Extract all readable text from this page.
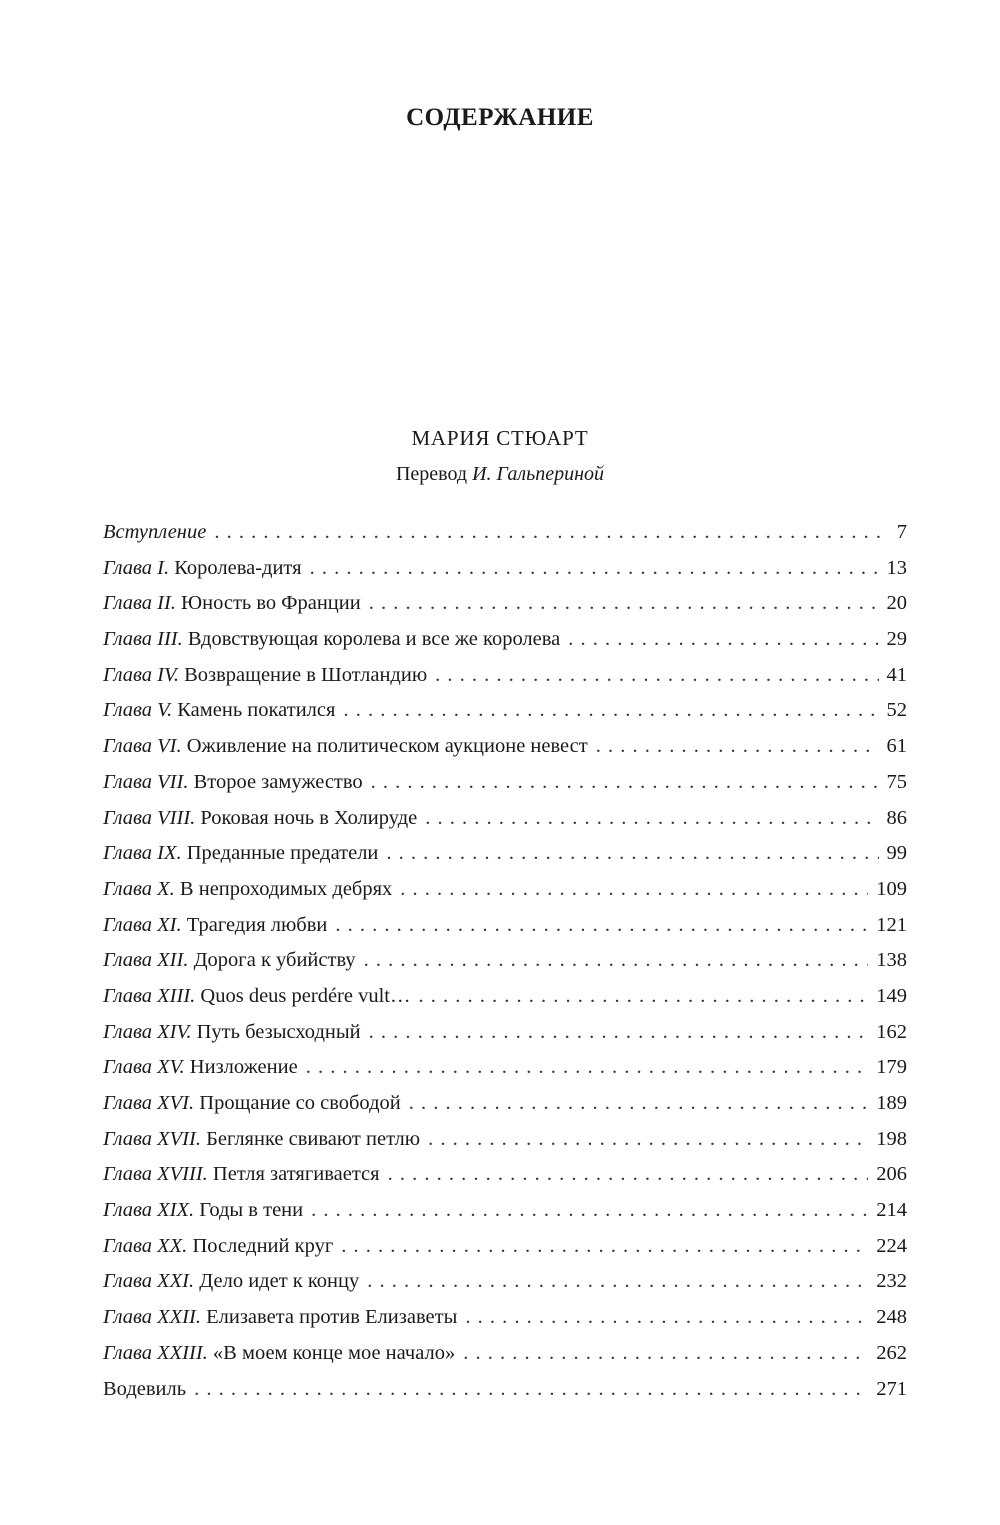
СОДЕРЖАНИЕ
МАРИЯ СТЮАРТ
Перевод И. Гальпериной
Вступление . . .	7
Глава I. Королева-дитя . . .	13
Глава II. Юность во Франции . . .	20
Глава III. Вдовствующая королева и все же королева . . .	29
Глава IV. Возвращение в Шотландию . . .	41
Глава V. Камень покатился . . .	52
Глава VI. Оживление на политическом аукционе невест . . .	61
Глава VII. Второе замужество . . .	75
Глава VIII. Роковая ночь в Холируде . . .	86
Глава IX. Преданные предатели . . .	99
Глава X. В непроходимых дебрях . . .	109
Глава XI. Трагедия любви . . .	121
Глава XII. Дорога к убийству . . .	138
Глава XIII. Quos deus perdére vult… . . .	149
Глава XIV. Путь безысходный . . .	162
Глава XV. Низложение . . .	179
Глава XVI. Прощание со свободой . . .	189
Глава XVII. Беглянке свивают петлю . . .	198
Глава XVIII. Петля затягивается . . .	206
Глава XIX. Годы в тени . . .	214
Глава XX. Последний круг . . .	224
Глава XXI. Дело идет к концу . . .	232
Глава XXII. Елизавета против Елизаветы . . .	248
Глава XXIII. «В моем конце мое начало» . . .	262
Водевиль . . .	271
